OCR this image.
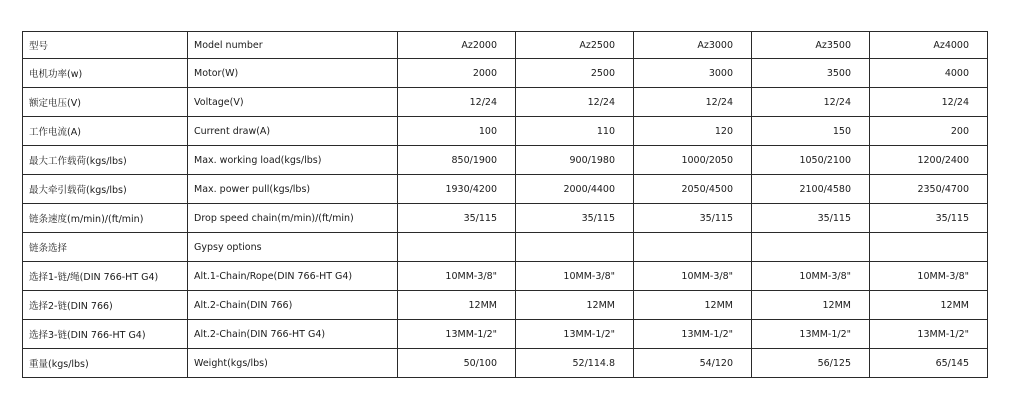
型号	Model number	Az2000	Az2500	Az3000	Az3500	Az4000
电机功率(w)	Motor(W)	2000	2500	3000	3500	4000
额定电压(V)	Voltage(V)	12/24	12/24	12/24	12/24	12/24
工作电流(A)	Current draw(A)	100	110	120	150	200
最大工作载荷(kgs/lbs)	Max. working load(kgs/lbs)	850/1900	900/1980	1000/2050	1050/2100	1200/2400
最大牵引载荷(kgs/lbs)	Max. power pull(kgs/lbs)	1930/4200	2000/4400	2050/4500	2100/4580	2350/4700
链条速度(m/min)/(ft/min)	Drop speed chain(m/min)/(ft/min)	35/115	35/115	35/115	35/115	35/115
链条选择	Gypsy options					
选择1-链/绳(DIN 766-HT G4)	Alt.1-Chain/Rope(DIN 766-HT G4)	10MM-3/8"	10MM-3/8"	10MM-3/8"	10MM-3/8"	10MM-3/8"
选择2-链(DIN 766)	Alt.2-Chain(DIN 766)	12MM	12MM	12MM	12MM	12MM
选择3-链(DIN 766-HT G4)	Alt.2-Chain(DIN 766-HT G4)	13MM-1/2"	13MM-1/2"	13MM-1/2"	13MM-1/2"	13MM-1/2"
重量(kgs/lbs)	Weight(kgs/lbs)	50/100	52/114.8	54/120	56/125	65/145
